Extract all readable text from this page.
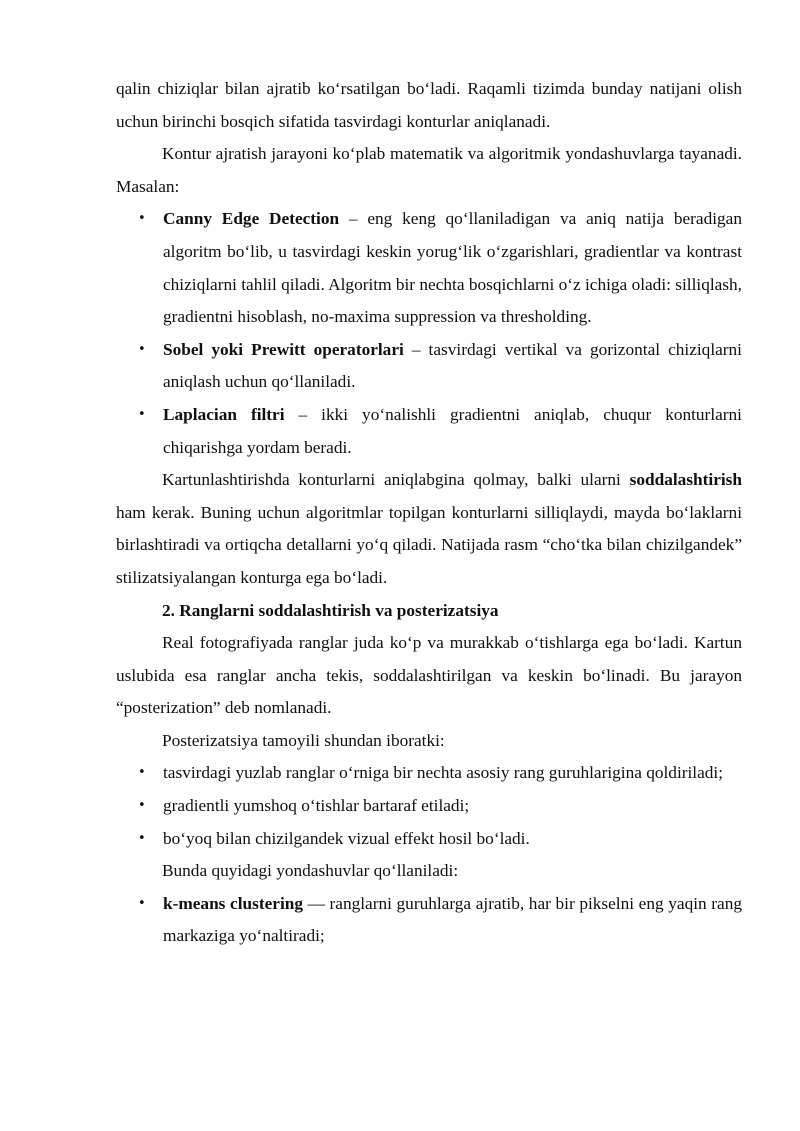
qalin chiziqlar bilan ajratib ko‘rsatilgan bo‘ladi. Raqamli tizimda bunday natijani olish uchun birinchi bosqich sifatida tasvirdagi konturlar aniqlanadi.

Kontur ajratish jarayoni ko‘plab matematik va algoritmik yondashuvlarga tayanadi. Masalan:

• Canny Edge Detection – eng keng qo‘llaniladigan va aniq natija beradigan algoritm bo‘lib, u tasvirdagi keskin yorug‘lik o‘zgarishlari, gradientlar va kontrast chiziqlarni tahlil qiladi. Algoritm bir nechta bosqichlarni o‘z ichiga oladi: silliqlash, gradientni hisoblash, no-maxima suppression va thresholding.
• Sobel yoki Prewitt operatorlari – tasvirdagi vertikal va gorizontal chiziqlarni aniqlash uchun qo‘llaniladi.
• Laplacian filtri – ikki yo‘nalishli gradientni aniqlab, chuqur konturlarni chiqarishga yordam beradi.

Kartunlashtirishda konturlarni aniqlabgina qolmay, balki ularni soddalashtirish ham kerak. Buning uchun algoritmlar topilgan konturlarni silliqlaydi, mayda bo‘laklarni birlashtiradi va ortiqcha detallarni yo‘q qiladi. Natijada rasm “cho‘tka bilan chizilgandek” stilizatsiyalangan konturga ega bo‘ladi.

2. Ranglarni soddalashtirish va posterizatsiya

Real fotografiyada ranglar juda ko‘p va murakkab o‘tishlarga ega bo‘ladi. Kartun uslubida esa ranglar ancha tekis, soddalashtirilgan va keskin bo‘linadi. Bu jarayon “posterization” deb nomlanadi.

Posterizatsiya tamoyili shundan iboratki:

• tasvirdagi yuzlab ranglar o‘rniga bir nechta asosiy rang guruhlarigina qoldiriladi;
• gradientli yumshoq o‘tishlar bartaraf etiladi;
• bo‘yoq bilan chizilgandek vizual effekt hosil bo‘ladi.

Bunda quyidagi yondashuvlar qo‘llaniladi:

• k-means clustering — ranglarni guruhlarga ajratib, har bir pikselni eng yaqin rang markaziga yo‘naltiradi;
